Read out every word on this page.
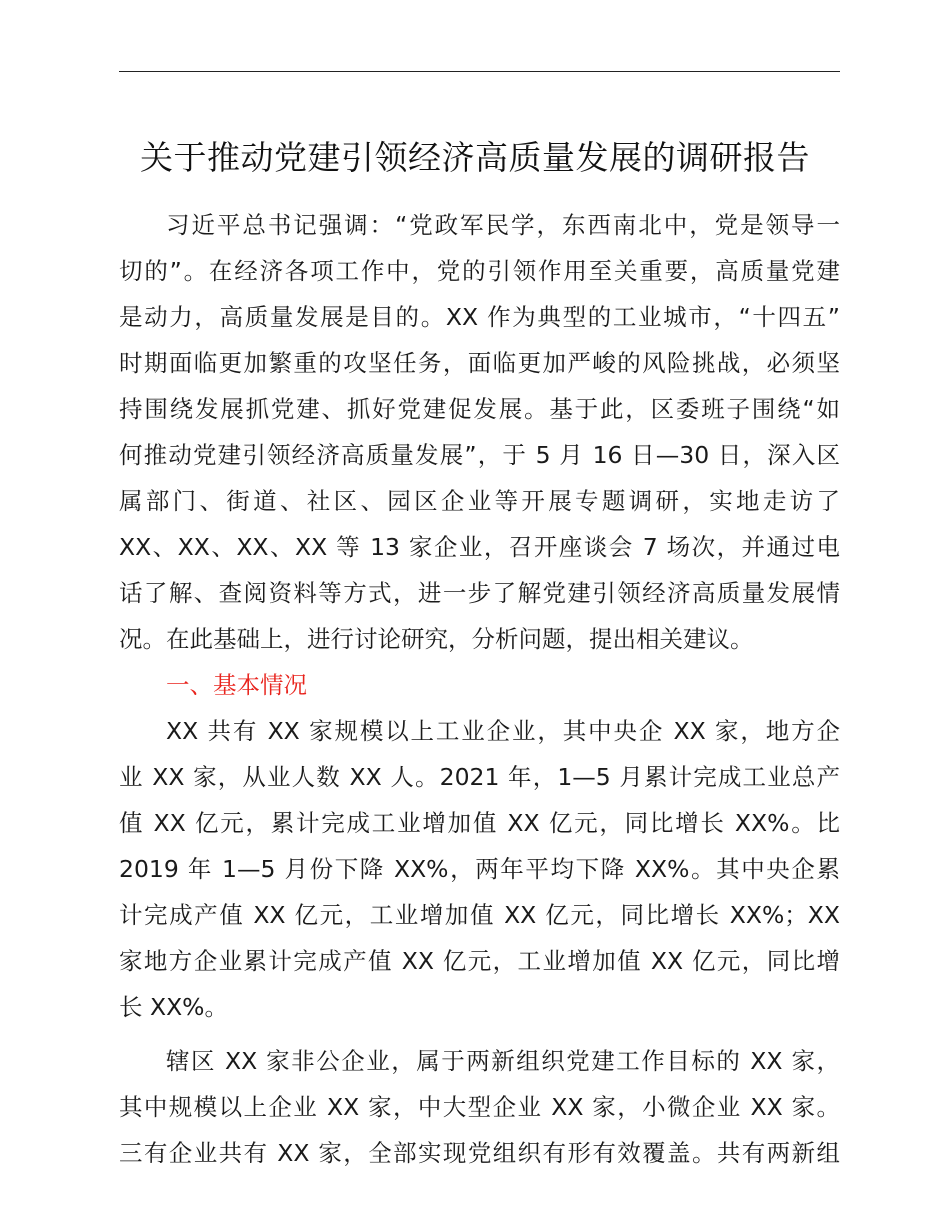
关于推动党建引领经济高质量发展的调研报告
习近平总书记强调：“党政军民学，东西南北中，党是领导一
切的”。在经济各项工作中，党的引领作用至关重要，高质量党建
是动力，高质量发展是目的。XX 作为典型的工业城市，“十四五”
时期面临更加繁重的攻坚任务，面临更加严峻的风险挑战，必须坚
持围绕发展抓党建、抓好党建促发展。基于此，区委班子围绕“如
何推动党建引领经济高质量发展”，于 5 月 16 日—30 日，深入区
属部门、街道、社区、园区企业等开展专题调研，实地走访了
XX、XX、XX、XX 等 13 家企业，召开座谈会 7 场次，并通过电
话了解、查阅资料等方式，进一步了解党建引领经济高质量发展情
况。在此基础上，进行讨论研究，分析问题，提出相关建议。
一、基本情况
XX 共有 XX 家规模以上工业企业，其中央企 XX 家，地方企
业 XX 家，从业人数 XX 人。2021 年，1—5 月累计完成工业总产
值 XX 亿元，累计完成工业增加值 XX 亿元，同比增长 XX%。比
2019 年 1—5 月份下降 XX%，两年平均下降 XX%。其中央企累
计完成产值 XX 亿元，工业增加值 XX 亿元，同比增长 XX%；XX
家地方企业累计完成产值 XX 亿元，工业增加值 XX 亿元，同比增
长 XX%。
辖区 XX 家非公企业，属于两新组织党建工作目标的 XX 家，
其中规模以上企业 XX 家，中大型企业 XX 家，小微企业 XX 家。
三有企业共有 XX 家，全部实现党组织有形有效覆盖。共有两新组
